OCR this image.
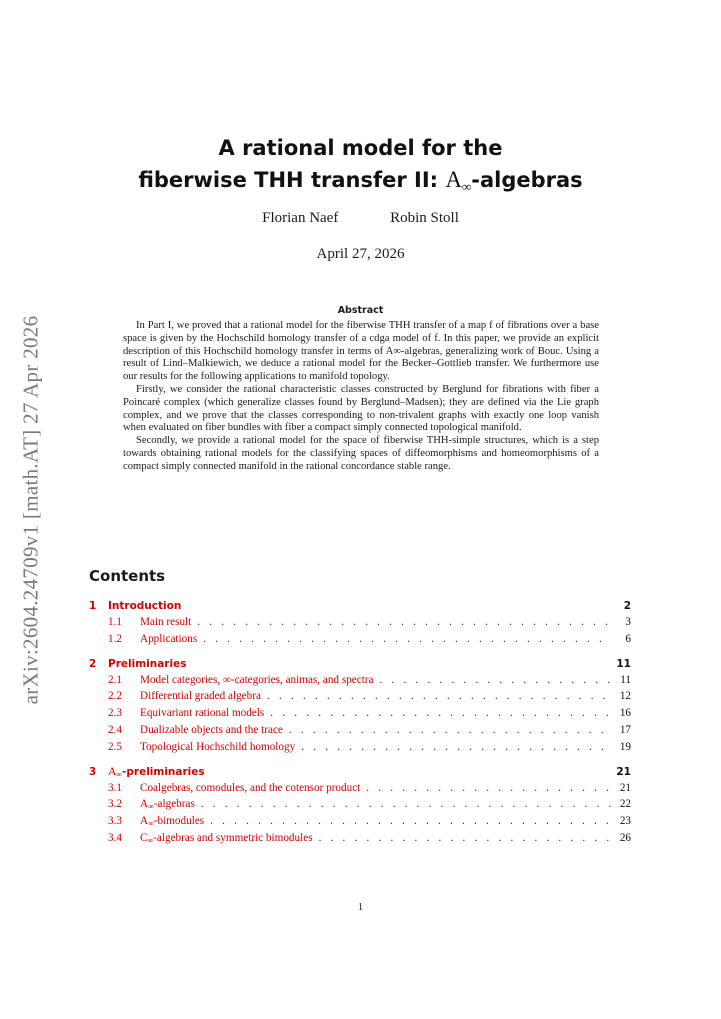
arXiv:2604.24709v1 [math.AT] 27 Apr 2026
A rational model for the
fiberwise THH transfer II: $A_\infty$-algebras
Florian Naef	Robin Stoll
April 27, 2026
Abstract

In Part I, we proved that a rational model for the fiberwise THH transfer of a map f of fibrations over a base space is given by the Hochschild homology transfer of a cdga model of f. In this paper, we provide an explicit description of this Hochschild homology transfer in terms of A∞-algebras, generalizing work of Bouc. Using a result of Lind–Malkiewich, we deduce a rational model for the Becker–Gottlieb transfer. We furthermore use our results for the following applications to manifold topology.

Firstly, we consider the rational characteristic classes constructed by Berglund for fibrations with fiber a Poincaré complex (which generalize classes found by Berglund–Madsen); they are defined via the Lie graph complex, and we prove that the classes corresponding to non-trivalent graphs with exactly one loop vanish when evaluated on fiber bundles with fiber a compact simply connected topological manifold.

Secondly, we provide a rational model for the space of fiberwise THH-simple structures, which is a step towards obtaining rational models for the classifying spaces of diffeomorphisms and homeomorphisms of a compact simply connected manifold in the rational concordance stable range.

Contents
1	Introduction	2
1.1	Main result . . .	3
1.2	Applications . . .	6
2	Preliminaries	11
2.1	Model categories, ∞-categories, animas, and spectra . . .	11
2.2	Differential graded algebra . . .	12
2.3	Equivariant rational models . . .	16
2.4	Dualizable objects and the trace . . .	17
2.5	Topological Hochschild homology . . .	19
3	$A_\infty$-preliminaries	21
3.1	Coalgebras, comodules, and the cotensor product . . .	21
3.2	$A_\infty$-algebras . . .	22
3.3	$A_\infty$-bimodules . . .	23
3.4	$C_\infty$-algebras and symmetric bimodules . . .	26
1
